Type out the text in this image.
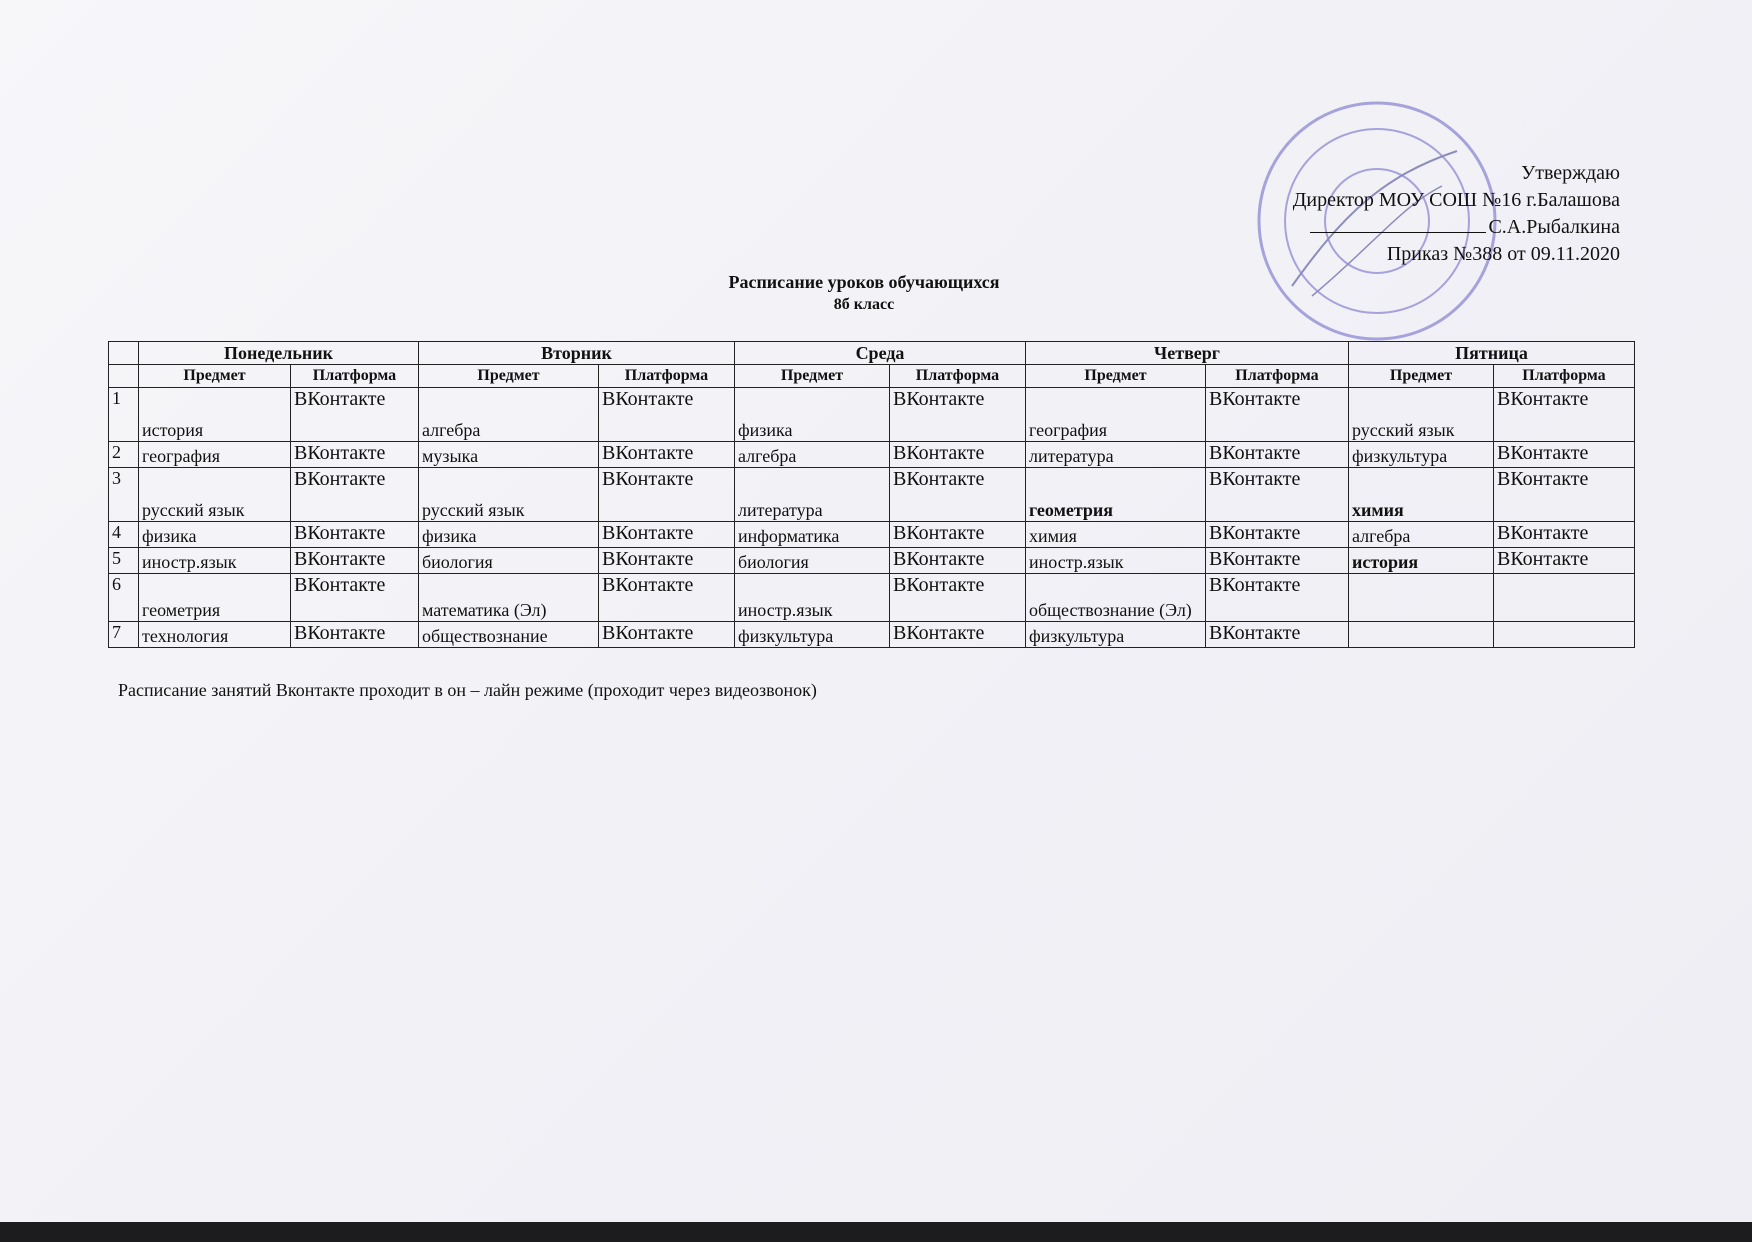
Утверждаю
Директор МОУ СОШ №16 г.Балашова
С.А.Рыбалкина
Приказ №388 от 09.11.2020
Расписание уроков обучающихся
8б класс
	Понедельник		Вторник		Среда		Четверг		Пятница	
	Предмет	Платформа	Предмет	Платформа	Предмет	Платформа	Предмет	Платформа	Предмет	Платформа
1	история	ВКонтакте	алгебра	ВКонтакте	физика	ВКонтакте	география	ВКонтакте	русский язык	ВКонтакте
2	география	ВКонтакте	музыка	ВКонтакте	алгебра	ВКонтакте	литература	ВКонтакте	физкультура	ВКонтакте
3	русский язык	ВКонтакте	русский язык	ВКонтакте	литература	ВКонтакте	геометрия	ВКонтакте	химия	ВКонтакте
4	физика	ВКонтакте	физика	ВКонтакте	информатика	ВКонтакте	химия	ВКонтакте	алгебра	ВКонтакте
5	иностр.язык	ВКонтакте	биология	ВКонтакте	биология	ВКонтакте	иностр.язык	ВКонтакте	история	ВКонтакте
6	геометрия	ВКонтакте	математика (Эл)	ВКонтакте	иностр.язык	ВКонтакте	обществознание (Эл)	ВКонтакте		
7	технология	ВКонтакте	обществознание	ВКонтакте	физкультура	ВКонтакте	физкультура	ВКонтакте		
Расписание занятий Вконтакте проходит в он – лайн режиме (проходит через видеозвонок)
